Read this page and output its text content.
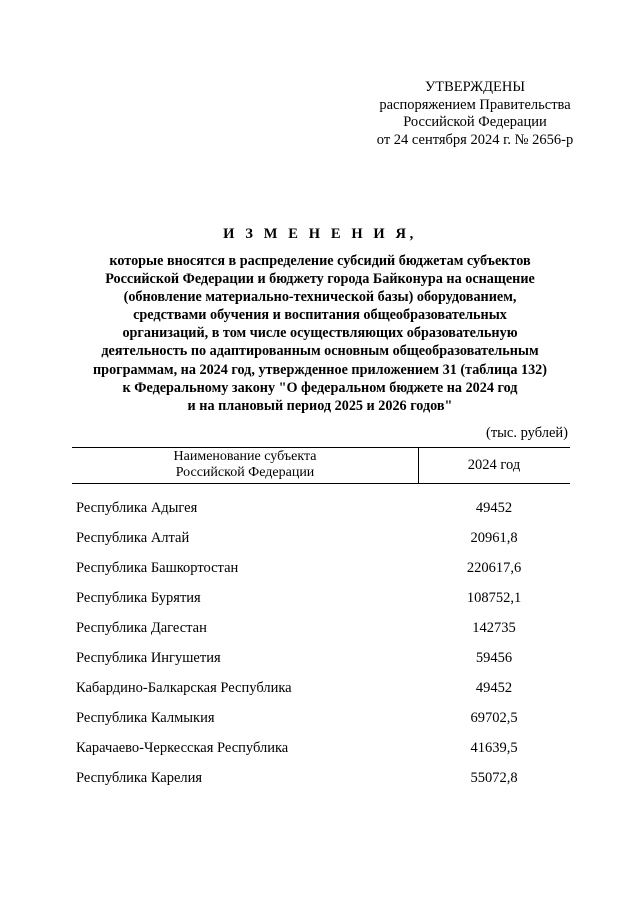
УТВЕРЖДЕНЫ
распоряжением Правительства
Российской Федерации
от 24 сентября 2024 г. № 2656-р
И З М Е Н Е Н И Я,
которые вносятся в распределение субсидий бюджетам субъектов
Российской Федерации и бюджету города Байконура на оснащение
(обновление материально-технической базы) оборудованием,
средствами обучения и воспитания общеобразовательных
организаций, в том числе осуществляющих образовательную
деятельность по адаптированным основным общеобразовательным
программам, на 2024 год, утвержденное приложением 31 (таблица 132)
к Федеральному закону "О федеральном бюджете на 2024 год
и на плановый период 2025 и 2026 годов"
(тыс. рублей)
Наименование субъекта
Российской Федерации	2024 год
Республика Адыгея	49452
Республика Алтай	20961,8
Республика Башкортостан	220617,6
Республика Бурятия	108752,1
Республика Дагестан	142735
Республика Ингушетия	59456
Кабардино-Балкарская Республика	49452
Республика Калмыкия	69702,5
Карачаево-Черкесская Республика	41639,5
Республика Карелия	55072,8
